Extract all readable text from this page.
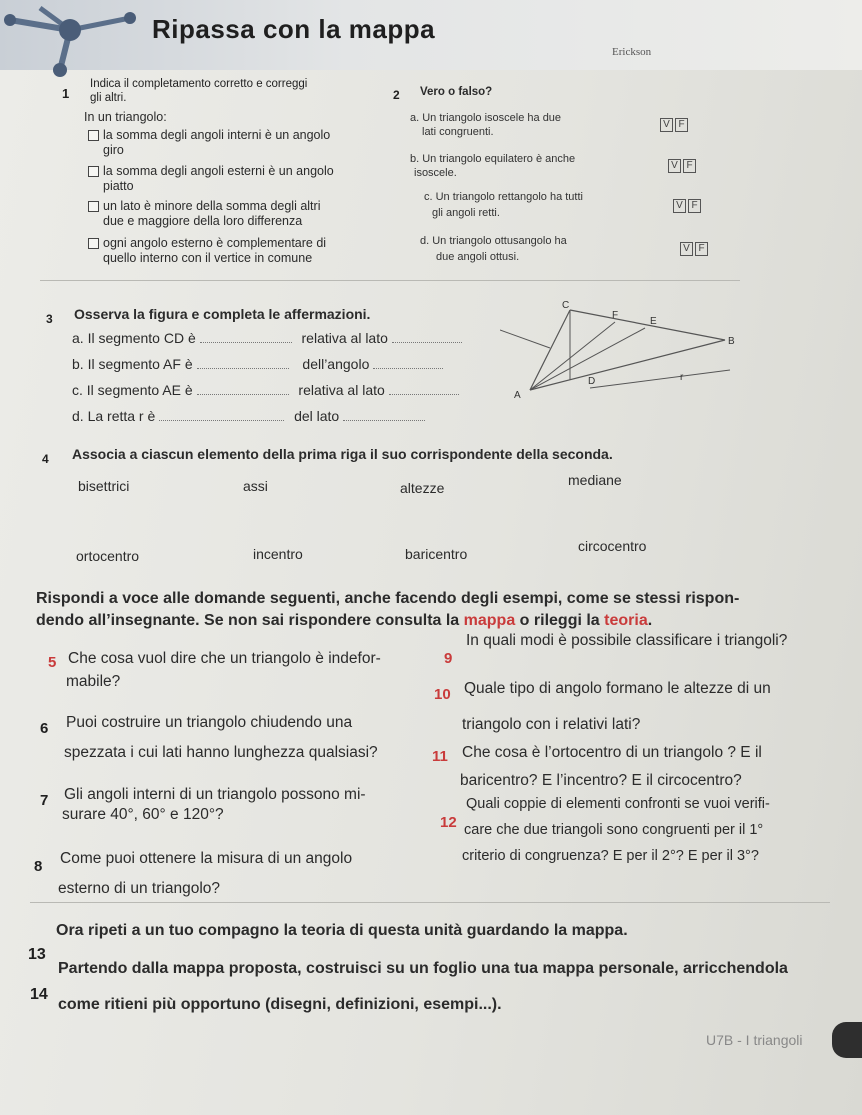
Ripassa con la mappa
Erickson
1
Indica il completamento corretto e correggi
gli altri.
In un triangolo:
la somma degli angoli interni è un angolo
giro
la somma degli angoli esterni è un angolo
piatto
un lato è minore della somma degli altri
due e maggiore della loro differenza
ogni angolo esterno è complementare di
quello interno con il vertice in comune
2 Vero o falso?
a. Un triangolo isoscele ha due
lati congruenti.
V F
b. Un triangolo equilatero è anche
isoscele.
V F
c. Un triangolo rettangolo ha tutti
gli angoli retti.
V F
d. Un triangolo ottusangolo ha
due angoli ottusi.
V F
3 Osserva la figura e completa le affermazioni.
a. Il segmento CD è	relativa al lato
b. Il segmento AF è	dell’angolo
c. Il segmento AE è	relativa al lato
d. La retta r è	del lato
C
F
E
B
A
D	r
4 Associa a ciascun elemento della prima riga il suo corrispondente della seconda.
bisettrici	assi	altezze	mediane
ortocentro	incentro	baricentro	circocentro
Rispondi a voce alle domande seguenti, anche facendo degli esempi, come se stessi rispon-
dendo all’insegnante. Se non sai rispondere consulta la mappa o rileggi la teoria.
5 Che cosa vuol dire che un triangolo è indefor-
mabile?
6 Puoi costruire un triangolo chiudendo una
spezzata i cui lati hanno lunghezza qualsiasi?
7 Gli angoli interni di un triangolo possono mi-
surare 40°, 60° e 120°?
8 Come puoi ottenere la misura di un angolo
esterno di un triangolo?
9
In quali modi è possibile classificare i triangoli?
10 Quale tipo di angolo formano le altezze di un
triangolo con i relativi lati?
11 Che cosa è l’ortocentro di un triangolo ? E il
baricentro? E l’incentro? E il circocentro?
12
Quali coppie di elementi confronti se vuoi verifi-
care che due triangoli sono congruenti per il 1°
criterio di congruenza? E per il 2°? E per il 3°?
13
Ora ripeti a un tuo compagno la teoria di questa unità guardando la mappa.
14
Partendo dalla mappa proposta, costruisci su un foglio una tua mappa personale, arricchendola
come ritieni più opportuno (disegni, definizioni, esempi...).
U7B - I triangoli
